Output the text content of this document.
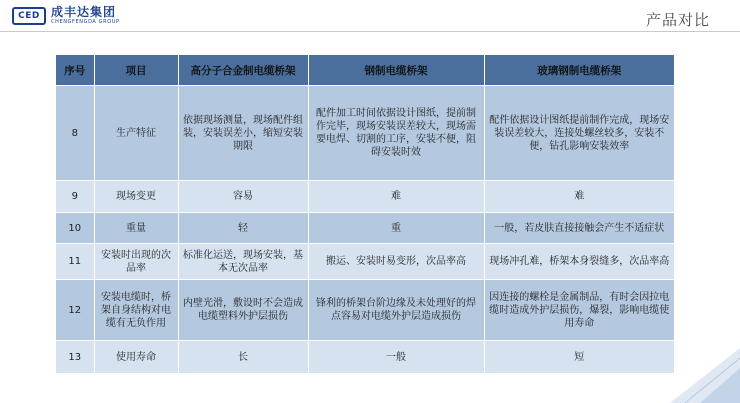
CED 成丰达集团
CHENGFENGDA GROUP	产品对比
序号	项目	高分子合金制电缆桥架	钢制电缆桥架	玻璃钢制电缆桥架
8	生产特征	依据现场测量，现场配件组装，安装误差小，缩短安装期限	配件加工时间依据设计图纸，提前制作完毕，现场安装误差较大，现场需要电焊、切割的工序，安装不便，阻碍安装时效	配件依据设计图纸提前制作完成，现场安装误差较大，连接处螺丝较多，安装不便，钻孔影响安装效率
9	现场变更	容易	难	难
10	重量	轻	重	一般，若皮肤直接接触会产生不适症状
11	安装时出现的次品率	标准化运送，现场安装，基本无次品率	搬运、安装时易变形，次品率高	现场冲孔难，桥架本身裂缝多，次品率高
12	安装电缆时，桥架自身结构对电缆有无负作用	内壁光滑，敷设时不会造成电缆塑料外护层损伤	锋利的桥架台阶边缘及未处理好的焊点容易对电缆外护层造成损伤	因连接的螺栓是金属制品，有时会因拉电缆时造成外护层损伤，爆裂，影响电缆使用寿命
13	使用寿命	长	一般	短
